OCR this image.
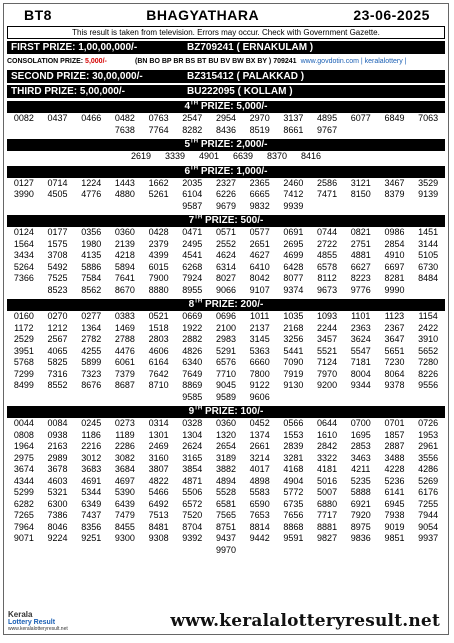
BT8	BHAGYATHARA	23-06-2025
This result is taken from television. Errors may occur. Check with Government Gazette.
FIRST PRIZE: 1,00,00,000/-	BZ709241 ( ERNAKULAM )
CONSOLATION PRIZE: 5,000/-	(BN BO BP BR BS BT BU BV BW BX BY ) 709241 www.govdotin.com | keralalottery |
SECOND PRIZE: 30,00,000/-	BZ315412 ( PALAKKAD )
THIRD PRIZE: 5,00,000/-	BU222095 ( KOLLAM )
4TH PRIZE: 5,000/-
0082	0437	0466	0482	0763	2547	2954	2970	3137	4895	6077	6849	7063
7638	7764	8282	8436	8519	8661	9767
5TH PRIZE: 2,000/-
2619	3339	4901	6639	8370	8416
6TH PRIZE: 1,000/-
0127	0714	1224	1443	1662	2035	2327	2365	2460	2586	3121	3467	3529
3990	4505	4776	4880	5261	6104	6226	6665	7412	7471	8150	8379	9139
9587	9679	9832	9939
7TH PRIZE: 500/-
0124	0177	0356	0360	0428	0471	0571	0577	0691	0744	0821	0986	1451
1564	1575	1980	2139	2379	2495	2552	2651	2695	2722	2751	2854	3144
3434	3708	4135	4218	4399	4541	4624	4627	4699	4855	4881	4910	5105
5264	5492	5886	5894	6015	6268	6314	6410	6428	6578	6627	6697	6730
7366	7525	7584	7641	7900	7924	8027	8042	8077	8112	8223	8281	8484
8523	8562	8670	8880	8955	9066	9107	9374	9673	9776	9990
8TH PRIZE: 200/-
0160	0270	0277	0383	0521	0669	0696	1011	1035	1093	1101	1123	1154
1172	1212	1364	1469	1518	1922	2100	2137	2168	2244	2363	2367	2422
2529	2567	2782	2788	2803	2882	2983	3145	3256	3457	3624	3647	3910
3951	4065	4255	4476	4606	4826	5291	5363	5441	5521	5547	5651	5652
5768	5825	5899	6061	6164	6340	6576	6660	7090	7124	7181	7230	7280
7299	7316	7323	7379	7642	7649	7710	7800	7919	7970	8004	8064	8226
8499	8552	8676	8687	8710	8869	9045	9122	9130	9200	9344	9378	9556
9585	9589	9606
9TH PRIZE: 100/-
0044	0084	0245	0273	0314	0328	0360	0452	0566	0644	0700	0701	0726
0808	0938	1186	1189	1301	1304	1320	1374	1553	1610	1695	1857	1953
1964	2163	2216	2286	2469	2624	2654	2661	2839	2842	2853	2887	2961
2975	2989	3012	3082	3160	3165	3189	3214	3281	3322	3463	3488	3556
3674	3678	3683	3684	3807	3854	3882	4017	4168	4181	4211	4228	4286
4344	4603	4691	4697	4822	4871	4894	4898	4904	5016	5235	5236	5269
5299	5321	5344	5390	5466	5506	5528	5583	5772	5007	5888	6141	6176
6282	6300	6349	6439	6492	6572	6581	6590	6735	6880	6921	6945	7255
7265	7386	7437	7479	7513	7520	7565	7653	7656	7717	7920	7938	7944
7964	8046	8356	8455	8481	8704	8751	8814	8868	8881	8975	9019	9054
9071	9224	9251	9300	9308	9392	9437	9442	9591	9827	9836	9851	9937
9970
Kerala
Lottery Result
www.keralalotteryresult.net	www.keralalotteryresult.net
